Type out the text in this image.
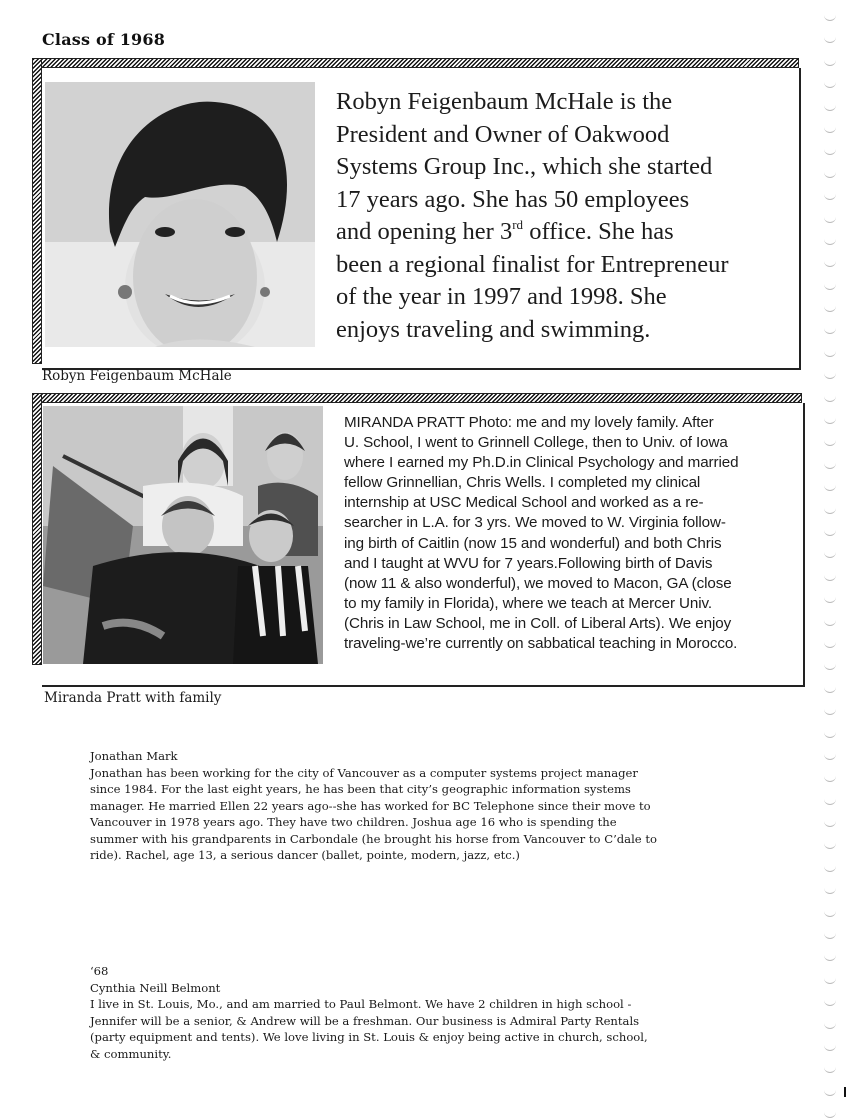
Class of 1968
Robyn Feigenbaum McHale is the
President and Owner of Oakwood
Systems Group Inc., which she started
17 years ago. She has 50 employees
and opening her 3rd office. She has
been a regional finalist for Entrepreneur
of the year in 1997 and 1998. She
enjoys traveling and swimming.
Robyn Feigenbaum McHale
MIRANDA PRATT Photo: me and my lovely family. After
U. School, I went to Grinnell College, then to Univ. of Iowa
where I earned my Ph.D.in Clinical Psychology and married
fellow Grinnellian, Chris Wells. I completed my clinical
internship at USC Medical School and worked as a re-
searcher in L.A. for 3 yrs. We moved to W. Virginia follow-
ing birth of Caitlin (now 15 and wonderful) and both Chris
and I taught at WVU for 7 years.Following birth of Davis
(now 11 & also wonderful), we moved to Macon, GA (close
to my family in Florida), where we teach at Mercer Univ.
(Chris in Law School, me in Coll. of Liberal Arts). We enjoy
traveling-we’re currently on sabbatical teaching in Morocco.
Miranda Pratt with family
Jonathan Mark
Jonathan has been working for the city of Vancouver as a computer systems project manager
since 1984. For the last eight years, he has been that city’s geographic information systems
manager. He married Ellen 22 years ago--she has worked for BC Telephone since their move to
Vancouver in 1978 years ago. They have two children. Joshua age 16 who is spending the
summer with his grandparents in Carbondale (he brought his horse from Vancouver to C’dale to
ride). Rachel, age 13, a serious dancer (ballet, pointe, modern, jazz, etc.)
‘68
Cynthia Neill Belmont
I live in St. Louis, Mo., and am married to Paul Belmont. We have 2 children in high school -
Jennifer will be a senior, & Andrew will be a freshman. Our business is Admiral Party Rentals
(party equipment and tents). We love living in St. Louis & enjoy being active in church, school,
& community.
